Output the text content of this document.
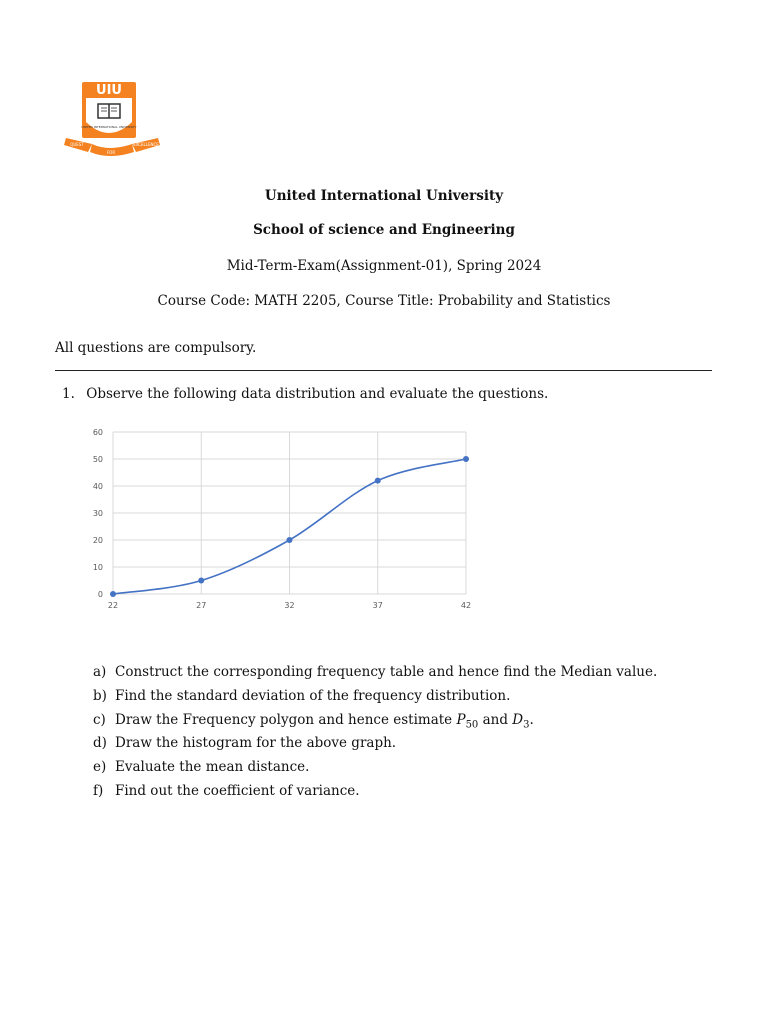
UIU
UNITED INTERNATIONAL UNIVERSITY
QUEST	EXCELLENCE
FOR
United International University
School of science and Engineering
Mid-Term-Exam(Assignment-01), Spring 2024
Course Code: MATH 2205, Course Title: Probability and Statistics
All questions are compulsory.
1. Observe the following data distribution and evaluate the questions.
0
10
20
30
40
50
60
22	27	32	37	42
a) Construct the corresponding frequency table and hence find the Median value.
b) Find the standard deviation of the frequency distribution.
c) Draw the Frequency polygon and hence estimate $P_{50}$ and $D_3$.
d) Draw the histogram for the above graph.
e) Evaluate the mean distance.
f) Find out the coefficient of variance.
